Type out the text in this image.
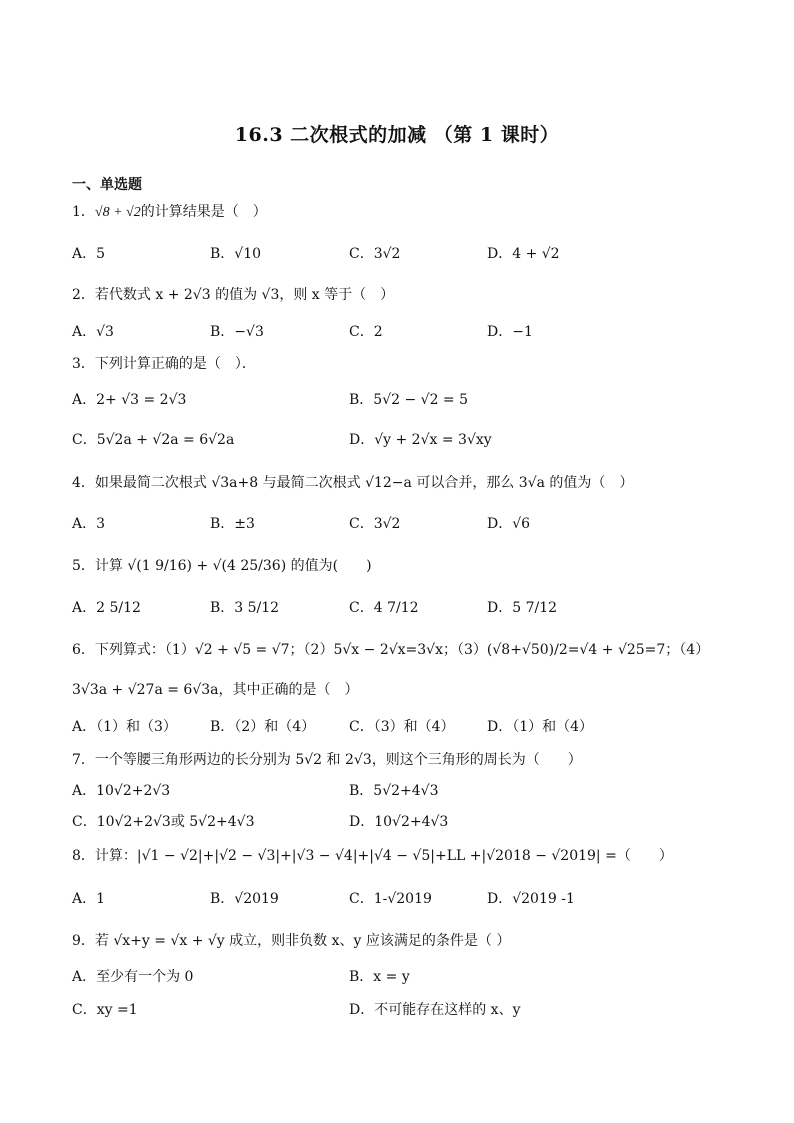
16.3 二次根式的加减 （第 1 课时）
一、单选题
1．√8 + √2的计算结果是（　）
A．5	B．√10	C．3√2	D．4 + √2
2．若代数式 x + 2√3 的值为 √3，则 x 等于（　）
A．√3	B．−√3	C．2	D．−1
3．下列计算正确的是（　）．
A．2+ √3 = 2√3	B．5√2 − √2 = 5
C．5√2a + √2a = 6√2a	D．√y + 2√x = 3√xy
4．如果最简二次根式 √3a+8 与最简二次根式 √12−a 可以合并，那么 3√a 的值为（　）
A．3	B．±3	C．3√2	D．√6
5．计算 √(1 9/16) + √(4 25/36) 的值为(　　)
A．2 5/12	B．3 5/12	C．4 7/12	D．5 7/12
6．下列算式：（1）√2 + √5 = √7；（2）5√x − 2√x=3√x；（3）(√8+√50)/2=√4 + √25=7；（4）
3√3a + √27a = 6√3a，其中正确的是（　）
A．（1）和（3） B．（2）和（4） C．（3）和（4） D．（1）和（4）
7．一个等腰三角形两边的长分别为 5√2 和 2√3，则这个三角形的周长为（　　）
A．10√2+2√3	B．5√2+4√3
C．10√2+2√3或 5√2+4√3	D．10√2+4√3
8．计算：|√1 − √2|+|√2 − √3|+|√3 − √4|+|√4 − √5|+LL +|√2018 − √2019| =（　　）
A．1	B．√2019	C．1-√2019	D．√2019 -1
9．若 √x+y = √x + √y 成立，则非负数 x、y 应该满足的条件是（ ）
A．至少有一个为 0	B．x = y
C．xy =1	D．不可能存在这样的 x、y
